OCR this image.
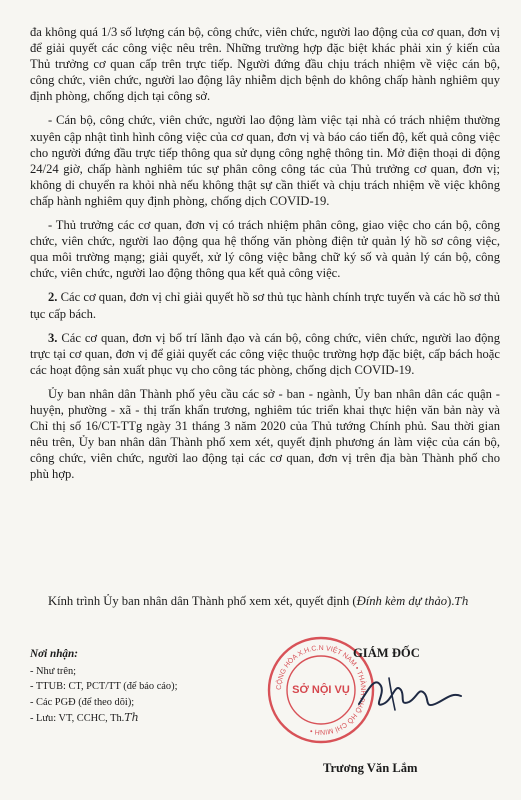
đa không quá 1/3 số lượng cán bộ, công chức, viên chức, người lao động của cơ quan, đơn vị để giải quyết các công việc nêu trên. Những trường hợp đặc biệt khác phải xin ý kiến của Thủ trưởng cơ quan cấp trên trực tiếp. Người đứng đầu chịu trách nhiệm về việc cán bộ, công chức, viên chức, người lao động lây nhiễm dịch bệnh do không chấp hành nghiêm quy định phòng, chống dịch tại công sở.

- Cán bộ, công chức, viên chức, người lao động làm việc tại nhà có trách nhiệm thường xuyên cập nhật tình hình công việc của cơ quan, đơn vị và báo cáo tiến độ, kết quả công việc cho người đứng đầu trực tiếp thông qua sử dụng công nghệ thông tin. Mở điện thoại di động 24/24 giờ, chấp hành nghiêm túc sự phân công công tác của Thủ trưởng cơ quan, đơn vị; không di chuyển ra khỏi nhà nếu không thật sự cần thiết và chịu trách nhiệm về việc không chấp hành nghiêm quy định phòng, chống dịch COVID-19.

- Thủ trưởng các cơ quan, đơn vị có trách nhiệm phân công, giao việc cho cán bộ, công chức, viên chức, người lao động qua hệ thống văn phòng điện tử quản lý hồ sơ công việc, qua môi trường mạng; giải quyết, xử lý công việc bằng chữ ký số và quản lý cán bộ, công chức, viên chức, người lao động thông qua kết quả công việc.

2. Các cơ quan, đơn vị chỉ giải quyết hồ sơ thủ tục hành chính trực tuyến và các hồ sơ thủ tục cấp bách.

3. Các cơ quan, đơn vị bố trí lãnh đạo và cán bộ, công chức, viên chức, người lao động trực tại cơ quan, đơn vị để giải quyết các công việc thuộc trường hợp đặc biệt, cấp bách hoặc các hoạt động sản xuất phục vụ cho công tác phòng, chống dịch COVID-19.

Ủy ban nhân dân Thành phố yêu cầu các sở - ban - ngành, Ủy ban nhân dân các quận - huyện, phường - xã - thị trấn khẩn trương, nghiêm túc triển khai thực hiện văn bản này và Chỉ thị số 16/CT-TTg ngày 31 tháng 3 năm 2020 của Thủ tướng Chính phủ. Sau thời gian nêu trên, Ủy ban nhân dân Thành phố xem xét, quyết định phương án làm việc của cán bộ, công chức, viên chức, người lao động tại các cơ quan, đơn vị trên địa bàn Thành phố cho phù hợp.

Kính trình Ủy ban nhân dân Thành phố xem xét, quyết định (Đính kèm dự thảo).Th
Nơi nhận:
- Như trên;
- TTUB: CT, PCT/TT (để báo cáo);
- Các PGĐ (để theo dõi);
- Lưu: VT, CCHC, Th.Th
CỘNG HÒA X.H.C.N VIỆT NAM • THÀNH PHỐ HỒ CHÍ MINH •
SỞ NỘI VỤ
GIÁM ĐỐC
Trương Văn Lắm
